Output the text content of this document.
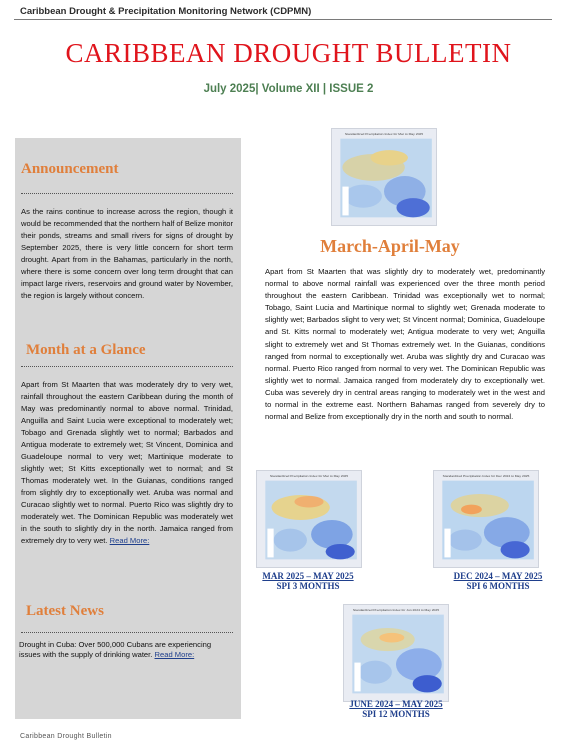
Caribbean Drought & Precipitation Monitoring Network (CDPMN)
CARIBBEAN DROUGHT BULLETIN
July 2025| Volume XII | ISSUE 2
Announcement
As the rains continue to increase across the region, though it would be recommended that the northern half of Belize monitor their ponds, streams and small rivers for signs of drought by September 2025, there is very little concern for short term drought. Apart from in the Bahamas, particularly in the north, where there is some concern over long term drought that can impact large rivers, reservoirs and ground water by November, the region is largely without concern.
Month at a Glance
Apart from St Maarten that was moderately dry to very wet, rainfall throughout the eastern Caribbean during the month of May was predominantly normal to above normal. Trinidad, Anguilla and Saint Lucia were exceptional to moderately wet; Tobago and Grenada slightly wet to normal; Barbados and Antigua moderate to extremely wet; St Vincent, Dominica and Guadeloupe normal to very wet; Martinique moderate to slightly wet; St Kitts exceptionally wet to normal; and St Thomas moderately wet. In the Guianas, conditions ranged from slightly dry to exceptionally wet. Aruba was normal and Curacao slightly wet to normal. Puerto Rico was slightly dry to moderately wet. The Dominican Republic was moderately wet in the south to slightly dry in the north. Jamaica ranged from extremely dry to very wet. Read More:
Latest News
Drought in Cuba: Over 500,000 Cubans are experiencing issues with the supply of drinking water. Read More:
Standardized Precipitation Index for Mar to May 2025
Standardized Precipitation Index for Mar to May 2025	Standardized Precipitation Index for Dec 2024 to May 2025
Standardized Precipitation Index for Jun 2024 to May 2025
March-April-May
Apart from St Maarten that was slightly dry to moderately wet, predominantly normal to above normal rainfall was experienced over the three month period throughout the eastern Caribbean. Trinidad was exceptionally wet to normal; Tobago, Saint Lucia and Martinique normal to slightly wet; Grenada moderate to slightly wet; Barbados slight to very wet; St Vincent normal; Dominica, Guadeloupe and St. Kitts normal to moderately wet; Antigua moderate to very wet; Anguilla slight to extremely wet and St Thomas extremely wet. In the Guianas, conditions ranged from normal to exceptionally wet. Aruba was slightly dry and Curacao was normal. Puerto Rico ranged from normal to very wet. The Dominican Republic was slightly wet to normal. Jamaica ranged from moderately dry to exceptionally wet. Cuba was severely dry in central areas ranging to moderately wet in the west and to normal in the extreme east. Northern Bahamas ranged from severely dry to normal and Belize from exceptionally dry in the north and south to normal.
MAR 2025 – MAY 2025
SPI 3 MONTHS
DEC 2024 – MAY 2025
SPI 6 MONTHS
JUNE 2024 – MAY 2025
SPI 12 MONTHS
Caribbean Drought Bulletin
